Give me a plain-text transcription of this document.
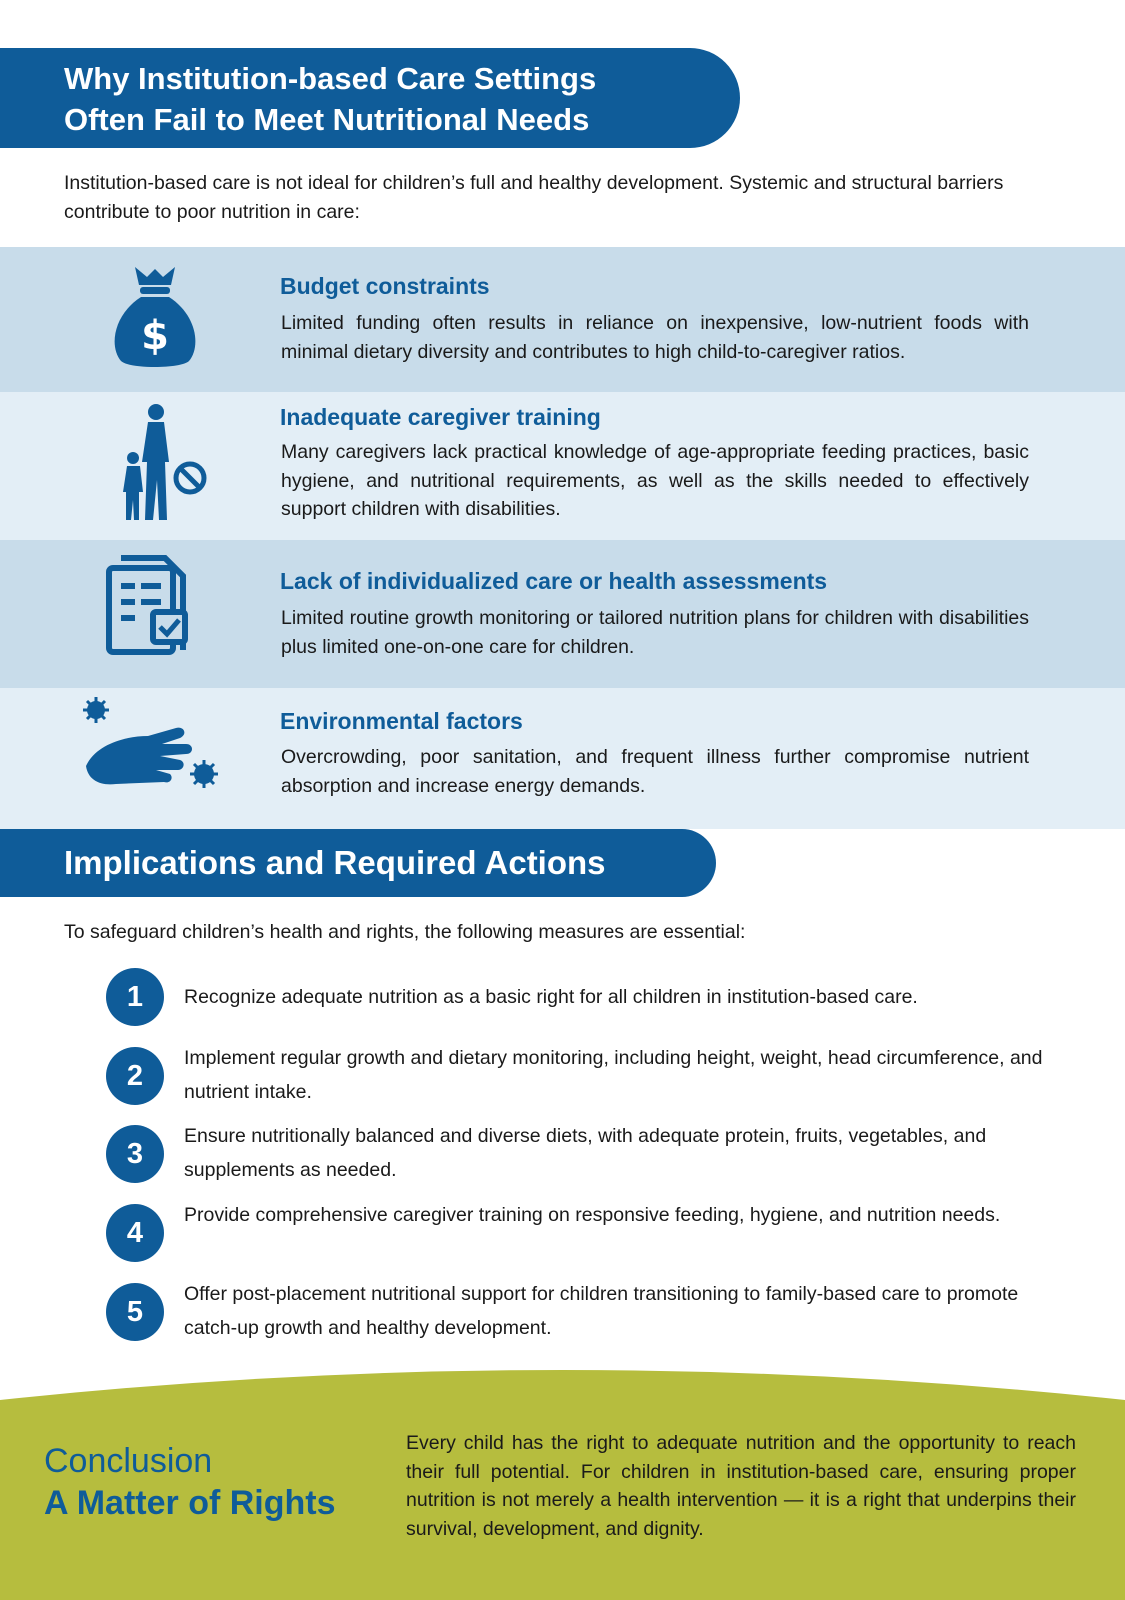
Why Institution-based Care Settings
Often Fail to Meet Nutritional Needs
Institution-based care is not ideal for children’s full and healthy development. Systemic and structural barriers contribute to poor nutrition in care:
$
Budget constraints
Limited funding often results in reliance on inexpensive, low-nutrient foods with minimal dietary diversity and contributes to high child-to-caregiver ratios.
Inadequate caregiver training
Many caregivers lack practical knowledge of age-appropriate feeding practices, basic hygiene, and nutritional requirements, as well as the skills needed to effectively support children with disabilities.
Lack of individualized care or health assessments
Limited routine growth monitoring or tailored nutrition plans for children with disabilities plus limited one-on-one care for children.
Environmental factors
Overcrowding, poor sanitation, and frequent illness further compromise nutrient absorption and increase energy demands.
Implications and Required Actions
To safeguard children’s health and rights, the following measures are essential:
1	Recognize adequate nutrition as a basic right for all children in institution-based care.
2
Implement regular growth and dietary monitoring, including height, weight, head circumference, and nutrient intake.
3
Ensure nutritionally balanced and diverse diets, with adequate protein, fruits, vegetables, and supplements as needed.
4
Provide comprehensive caregiver training on responsive feeding, hygiene, and nutrition needs.
5
Offer post-placement nutritional support for children transitioning to family-based care to promote catch-up growth and healthy development.
Conclusion
A Matter of Rights
Every child has the right to adequate nutrition and the opportunity to reach their full potential. For children in institution-based care, ensuring proper nutrition is not merely a health intervention — it is a right that underpins their survival, development, and dignity.
